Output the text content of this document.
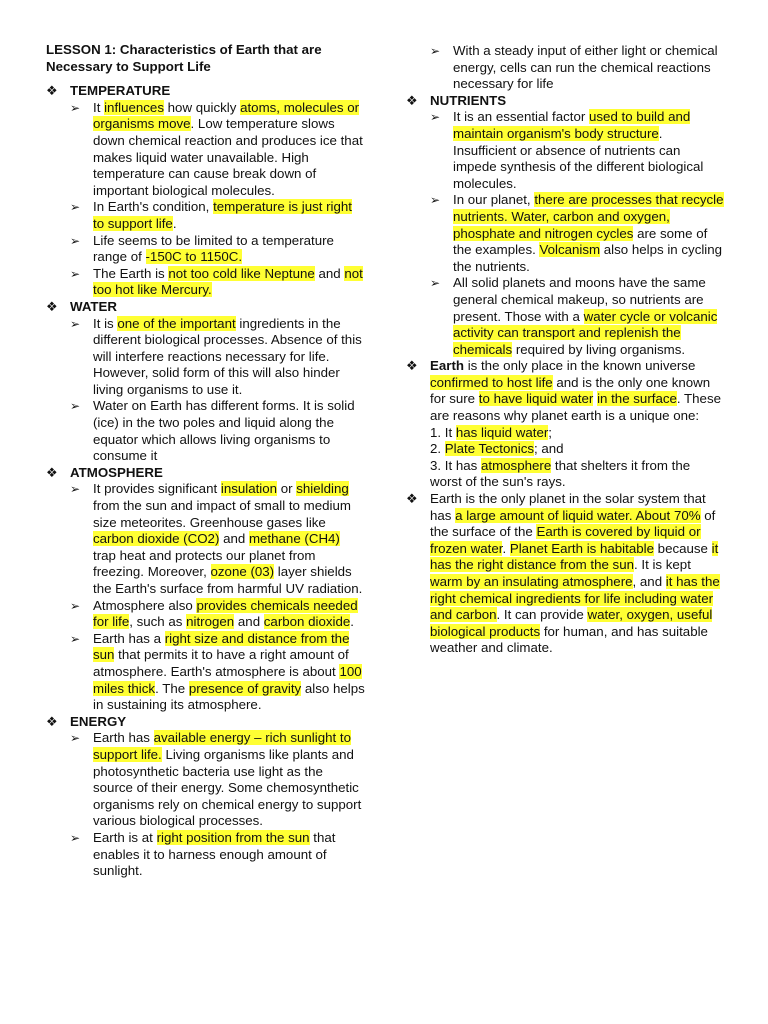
LESSON 1: Characteristics of Earth that are
Necessary to Support Life
❖ TEMPERATURE
➢ It influences how quickly atoms, molecules or organisms move. Low temperature slows down chemical reaction and produces ice that makes liquid water unavailable. High temperature can cause break down of important biological molecules.
➢ In Earth's condition, temperature is just right to support life.
➢ Life seems to be limited to a temperature range of -150C to 1150C.
➢ The Earth is not too cold like Neptune and not too hot like Mercury.
❖ WATER
➢ It is one of the important ingredients in the different biological processes. Absence of this will interfere reactions necessary for life. However, solid form of this will also hinder living organisms to use it.
➢ Water on Earth has different forms. It is solid (ice) in the two poles and liquid along the equator which allows living organisms to consume it
❖ ATMOSPHERE
➢ It provides significant insulation or shielding from the sun and impact of small to medium size meteorites. Greenhouse gases like carbon dioxide (CO2) and methane (CH4) trap heat and protects our planet from freezing. Moreover, ozone (03) layer shields the Earth's surface from harmful UV radiation.
➢ Atmosphere also provides chemicals needed for life, such as nitrogen and carbon dioxide.
➢ Earth has a right size and distance from the sun that permits it to have a right amount of atmosphere. Earth's atmosphere is about 100 miles thick. The presence of gravity also helps in sustaining its atmosphere.
❖ ENERGY
➢ Earth has available energy – rich sunlight to support life. Living organisms like plants and photosynthetic bacteria use light as the source of their energy. Some chemosynthetic organisms rely on chemical energy to support various biological processes.
➢ Earth is at right position from the sun that enables it to harness enough amount of sunlight.
➢ With a steady input of either light or chemical energy, cells can run the chemical reactions necessary for life
❖ NUTRIENTS
➢ It is an essential factor used to build and maintain organism's body structure. Insufficient or absence of nutrients can impede synthesis of the different biological molecules.
➢ In our planet, there are processes that recycle nutrients. Water, carbon and oxygen, phosphate and nitrogen cycles are some of the examples. Volcanism also helps in cycling the nutrients.
➢ All solid planets and moons have the same general chemical makeup, so nutrients are present. Those with a water cycle or volcanic activity can transport and replenish the chemicals required by living organisms.
❖ Earth is the only place in the known universe confirmed to host life and is the only one known for sure to have liquid water in the surface. These are reasons why planet earth is a unique one:
1. It has liquid water;
2. Plate Tectonics; and
3. It has atmosphere that shelters it from the worst of the sun's rays.
❖ Earth is the only planet in the solar system that has a large amount of liquid water. About 70% of the surface of the Earth is covered by liquid or frozen water. Planet Earth is habitable because it has the right distance from the sun. It is kept warm by an insulating atmosphere, and it has the right chemical ingredients for life including water and carbon. It can provide water, oxygen, useful biological products for human, and has suitable weather and climate.
